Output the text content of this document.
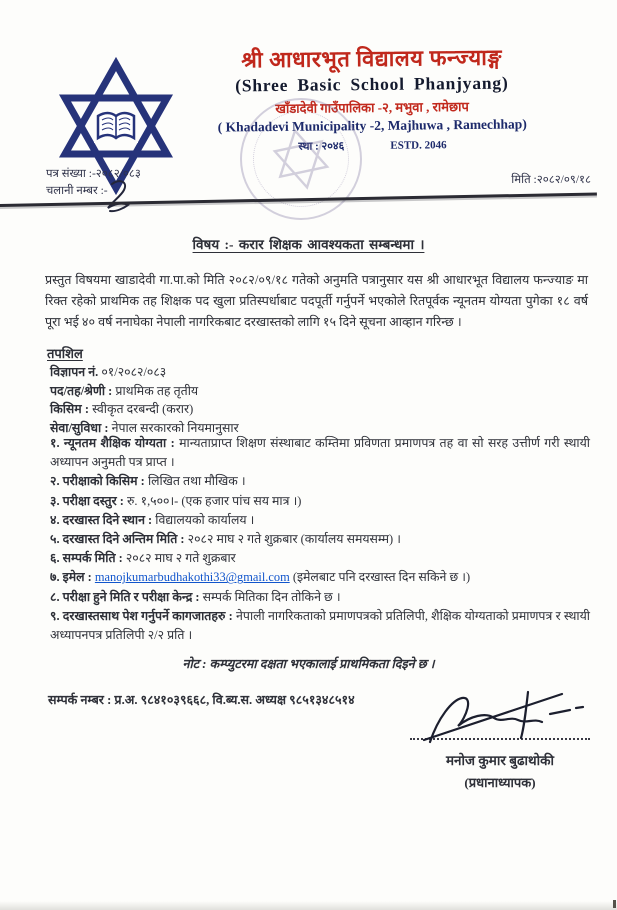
श्री आधारभूत विद्यालय फन्ज्याङ्ग
(Shree Basic School Phanjyang)
खाँडादेवी गाउँपालिका -२, मभुवा , रामेछाप
( Khadadevi Municipality -2, Majhuwa , Ramechhap)
स्था : २०४६	ESTD. 2046
पत्र संख्या :-२०८२/०८३
चलानी नम्बर :-
मिति :२०८२/०९/१८
विषय :- करार शिक्षक आवश्यकता सम्बन्धमा ।
प्रस्तुत विषयमा खाडादेवी गा.पा.को मिति २०८२/०९/१८ गतेको अनुमति पत्रानुसार यस श्री आधारभूत विद्यालय फन्ज्याङ मा रिक्त रहेको प्राथमिक तह शिक्षक पद खुला प्रतिस्पर्धाबाट पदपूर्ती गर्नुपर्ने भएकोले रितपूर्वक न्यूनतम योग्यता पुगेका १८ वर्ष पूरा भई ४० वर्ष ननाघेका नेपाली नागरिकबाट दरखास्तको लागि १५ दिने सूचना आव्हान गरिन्छ ।
तपशिल

विज्ञापन नं. ०१/२०८२/०८३

पद/तह/श्रेणी : प्राथमिक तह तृतीय

किसिम : स्वीकृत दरबन्दी (करार)

सेवा/सुविधा : नेपाल सरकारको नियमानुसार

१. न्यूनतम शैक्षिक योग्यता : मान्यताप्राप्त शिक्षण संस्थाबाट कम्तिमा प्रविणता प्रमाणपत्र तह वा सो सरह उत्तीर्ण गरी स्थायी अध्यापन अनुमती पत्र प्राप्त ।

२. परीक्षाको किसिम : लिखित तथा मौखिक ।

३. परीक्षा दस्तुर : रु. १,५००।- (एक हजार पांच सय मात्र ।)

४. दरखास्त दिने स्थान : विद्यालयको कार्यालय ।

५. दरखास्त दिने अन्तिम मिति : २०८२ माघ २ गते शुक्रबार (कार्यालय समयसम्म) ।

६. सम्पर्क मिति : २०८२ माघ २ गते शुक्रबार

७. इमेल : manojkumarbudhakothi33@gmail.com (इमेलबाट पनि दरखास्त दिन सकिने छ ।)

८. परीक्षा हुने मिति र परीक्षा केन्द्र : सम्पर्क मितिका दिन तोकिने छ ।

९. दरखास्तसाथ पेश गर्नुपर्ने कागजातहरु : नेपाली नागरिकताको प्रमाणपत्रको प्रतिलिपी, शैक्षिक योग्यताको प्रमाणपत्र र स्थायी अध्यापनपत्र प्रतिलिपी २/२ प्रति ।

नोट : कम्प्युटरमा दक्षता भएकालाई प्राथमिकता दिइने छ ।
सम्पर्क नम्बर : प्र.अ. ९८४१०३९६६८, वि.ब्य.स. अध्यक्ष ९८५१३४८५१४
मनोज कुमार बुढाथोकी
(प्रधानाध्यापक)
